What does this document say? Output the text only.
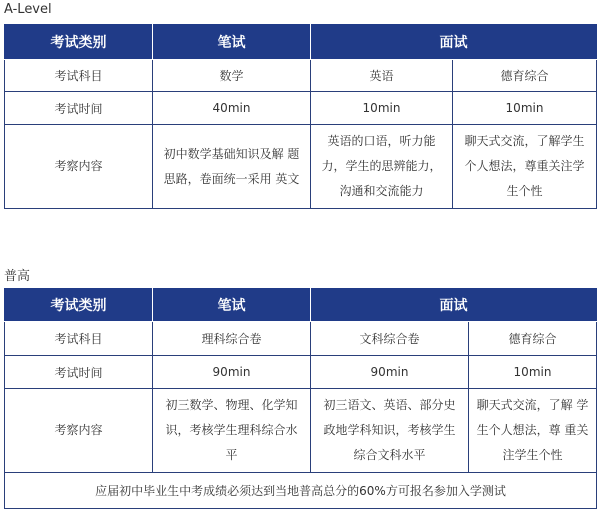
A-Level
考试类别	笔试	面试	
考试科目	数学	英语	德育综合
考试时间	40min	10min	10min
考察内容	初中数学基础知识及解 题思路，卷面统一采用 英文	英语的口语，听力能 力，学生的思辨能力， 沟通和交流能力	聊天式交流，了解学生 个人想法，尊重关注学 生个性
普高
考试类别	笔试	面试	
考试科目	理科综合卷	文科综合卷	德育综合
考试时间	90min	90min	10min
考察内容	初三数学、物理、化学知 识，考核学生理科综合水 平	初三语文、英语、部分史 政地学科知识，考核学生 综合文科水平	聊天式交流，了解 学生个人想法，尊 重关注学生个性
应届初中毕业生中考成绩必须达到当地普高总分的60%方可报名参加入学测试			
